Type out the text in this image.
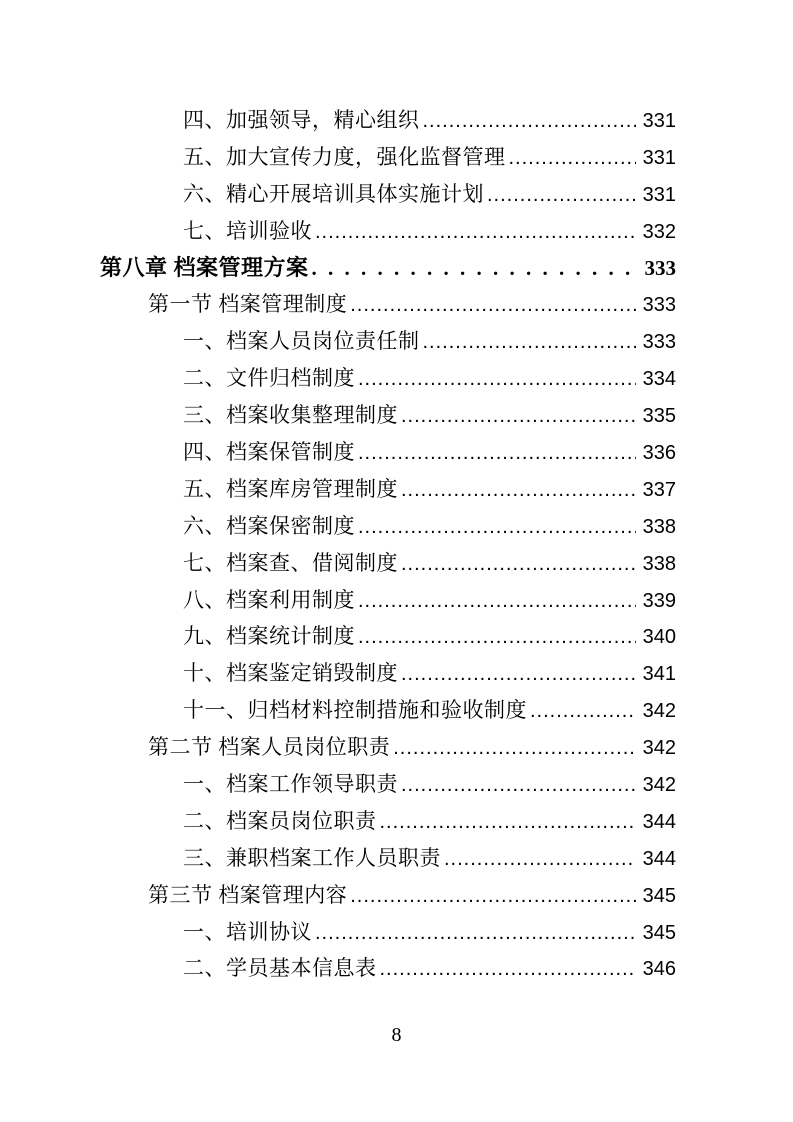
四、加强领导，精心组织 .....	331
五、加大宣传力度，强化监督管理 .....	331
六、精心开展培训具体实施计划 .....	331
七、培训验收 .....	332
第八章 档案管理方案 . . .	333
第一节 档案管理制度 .....	333
一、档案人员岗位责任制 .....	333
二、文件归档制度 .....	334
三、档案收集整理制度 .....	335
四、档案保管制度 .....	336
五、档案库房管理制度 .....	337
六、档案保密制度 .....	338
七、档案查、借阅制度 .....	338
八、档案利用制度 .....	339
九、档案统计制度 .....	340
十、档案鉴定销毁制度 .....	341
十一、归档材料控制措施和验收制度 .....	342
第二节 档案人员岗位职责 .....	342
一、档案工作领导职责 .....	342
二、档案员岗位职责 .....	344
三、兼职档案工作人员职责 .....	344
第三节 档案管理内容 .....	345
一、培训协议 .....	345
二、学员基本信息表 .....	346
8
